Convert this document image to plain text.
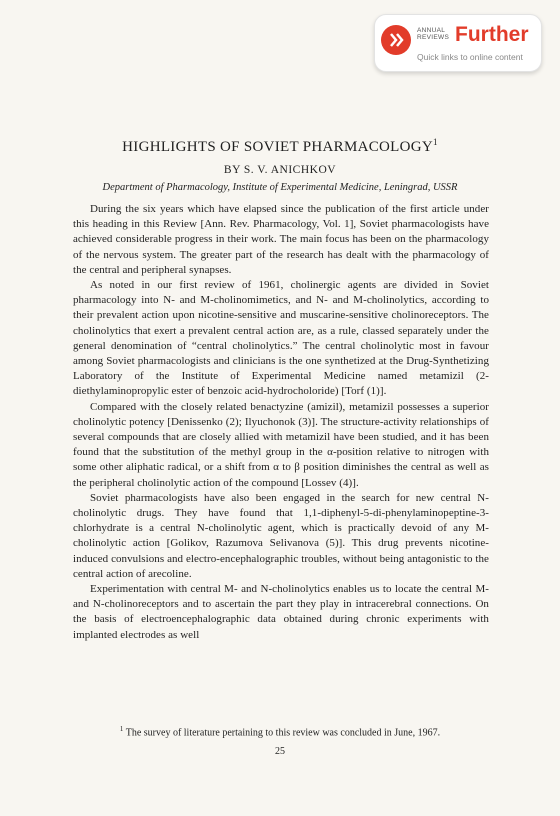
ANNUAL
REVIEWS Further
Quick links to online content
HIGHLIGHTS OF SOVIET PHARMACOLOGY$^1$
BY S. V. ANICHKOV
Department of Pharmacology, Institute of Experimental Medicine, Leningrad, USSR

During the six years which have elapsed since the publication of the first article under this heading in this Review [Ann. Rev. Pharmacology, Vol. 1], Soviet pharmacologists have achieved considerable progress in their work. The main focus has been on the pharmacology of the nervous system. The greater part of the research has dealt with the pharmacology of the central and peripheral synapses.

As noted in our first review of 1961, cholinergic agents are divided in Soviet pharmacology into N- and M-cholinomimetics, and N- and M-cholinolytics, according to their prevalent action upon nicotine-sensitive and muscarine-sensitive cholinoreceptors. The cholinolytics that exert a prevalent central action are, as a rule, classed separately under the general denomination of “central cholinolytics.” The central cholinolytic most in favour among Soviet pharmacologists and clinicians is the one synthetized at the Drug-Synthetizing Laboratory of the Institute of Experimental Medicine named metamizil (2-diethylaminopropylic ester of benzoic acid-hydrocholoride) [Torf (1)].

Compared with the closely related benactyzine (amizil), metamizil possesses a superior cholinolytic potency [Denissenko (2); Ilyuchonok (3)]. The structure-activity relationships of several compounds that are closely allied with metamizil have been studied, and it has been found that the substitution of the methyl group in the α-position relative to nitrogen with some other aliphatic radical, or a shift from α to β position diminishes the central as well as the peripheral cholinolytic action of the compound [Lossev (4)].

Soviet pharmacologists have also been engaged in the search for new central N-cholinolytic drugs. They have found that 1,1-diphenyl-5-di-phenylaminopeptine-3-chlorhydrate is a central N-cholinolytic agent, which is practically devoid of any M-cholinolytic action [Golikov, Razumova Selivanova (5)]. This drug prevents nicotine-induced convulsions and electro-encephalographic troubles, without being antagonistic to the central action of arecoline.

Experimentation with central M- and N-cholinolytics enables us to locate the central M- and N-cholinoreceptors and to ascertain the part they play in intracerebral connections. On the basis of electroencephalographic data obtained during chronic experiments with implanted electrodes as well

$^1$ The survey of literature pertaining to this review was concluded in June, 1967.
25
